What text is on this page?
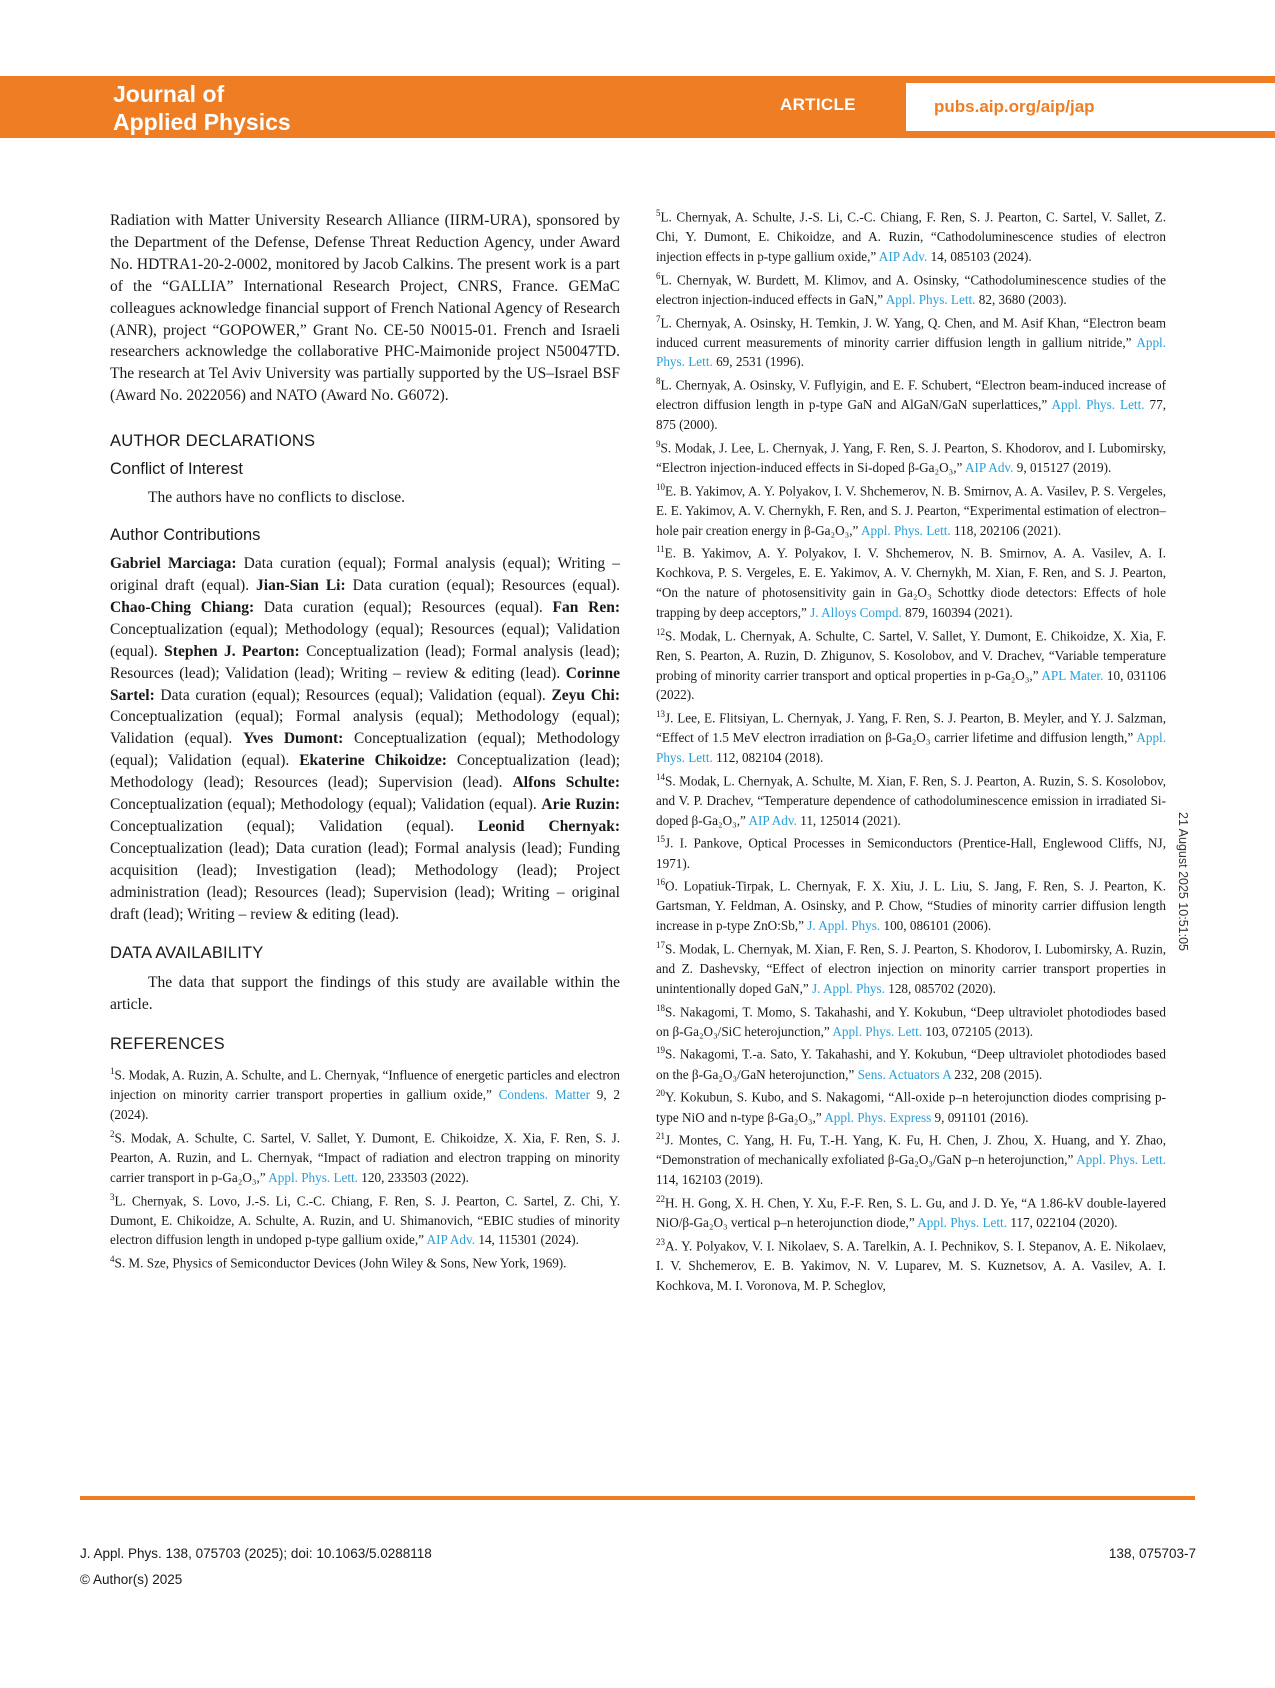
Journal of
Applied Physics
ARTICLE	pubs.aip.org/aip/jap

Radiation with Matter University Research Alliance (IIRM-URA), sponsored by the Department of the Defense, Defense Threat Reduction Agency, under Award No. HDTRA1-20-2-0002, monitored by Jacob Calkins. The present work is a part of the “GALLIA” International Research Project, CNRS, France. GEMaC colleagues acknowledge financial support of French National Agency of Research (ANR), project “GOPOWER,” Grant No. CE-50 N0015-01. French and Israeli researchers acknowledge the collaborative PHC-Maimonide project N50047TD. The research at Tel Aviv University was partially supported by the US–Israel BSF (Award No. 2022056) and NATO (Award No. G6072).

AUTHOR DECLARATIONS
Conflict of Interest

The authors have no conflicts to disclose.

Author Contributions

Gabriel Marciaga: Data curation (equal); Formal analysis (equal); Writing – original draft (equal). Jian-Sian Li: Data curation (equal); Resources (equal). Chao-Ching Chiang: Data curation (equal); Resources (equal). Fan Ren: Conceptualization (equal); Methodology (equal); Resources (equal); Validation (equal). Stephen J. Pearton: Conceptualization (lead); Formal analysis (lead); Resources (lead); Validation (lead); Writing – review & editing (lead). Corinne Sartel: Data curation (equal); Resources (equal); Validation (equal). Zeyu Chi: Conceptualization (equal); Formal analysis (equal); Methodology (equal); Validation (equal). Yves Dumont: Conceptualization (equal); Methodology (equal); Validation (equal). Ekaterine Chikoidze: Conceptualization (lead); Methodology (lead); Resources (lead); Supervision (lead). Alfons Schulte: Conceptualization (equal); Methodology (equal); Validation (equal). Arie Ruzin: Conceptualization (equal); Validation (equal). Leonid Chernyak: Conceptualization (lead); Data curation (lead); Formal analysis (lead); Funding acquisition (lead); Investigation (lead); Methodology (lead); Project administration (lead); Resources (lead); Supervision (lead); Writing – original draft (lead); Writing – review & editing (lead).

DATA AVAILABILITY

The data that support the findings of this study are available within the article.

REFERENCES

$^1$S. Modak, A. Ruzin, A. Schulte, and L. Chernyak, “Influence of energetic particles and electron injection on minority carrier transport properties in gallium oxide,” Condens. Matter 9, 2 (2024).

$^2$S. Modak, A. Schulte, C. Sartel, V. Sallet, Y. Dumont, E. Chikoidze, X. Xia, F. Ren, S. J. Pearton, A. Ruzin, and L. Chernyak, “Impact of radiation and electron trapping on minority carrier transport in p-Ga₂O₃,” Appl. Phys. Lett. 120, 233503 (2022).

$^3$L. Chernyak, S. Lovo, J.-S. Li, C.-C. Chiang, F. Ren, S. J. Pearton, C. Sartel, Z. Chi, Y. Dumont, E. Chikoidze, A. Schulte, A. Ruzin, and U. Shimanovich, “EBIC studies of minority electron diffusion length in undoped p-type gallium oxide,” AIP Adv. 14, 115301 (2024).

$^4$S. M. Sze, Physics of Semiconductor Devices (John Wiley & Sons, New York, 1969).

$^5$L. Chernyak, A. Schulte, J.-S. Li, C.-C. Chiang, F. Ren, S. J. Pearton, C. Sartel, V. Sallet, Z. Chi, Y. Dumont, E. Chikoidze, and A. Ruzin, “Cathodoluminescence studies of electron injection effects in p-type gallium oxide,” AIP Adv. 14, 085103 (2024).

$^6$L. Chernyak, W. Burdett, M. Klimov, and A. Osinsky, “Cathodoluminescence studies of the electron injection-induced effects in GaN,” Appl. Phys. Lett. 82, 3680 (2003).

$^7$L. Chernyak, A. Osinsky, H. Temkin, J. W. Yang, Q. Chen, and M. Asif Khan, “Electron beam induced current measurements of minority carrier diffusion length in gallium nitride,” Appl. Phys. Lett. 69, 2531 (1996).

$^8$L. Chernyak, A. Osinsky, V. Fuflyigin, and E. F. Schubert, “Electron beam-induced increase of electron diffusion length in p-type GaN and AlGaN/GaN superlattices,” Appl. Phys. Lett. 77, 875 (2000).

$^9$S. Modak, J. Lee, L. Chernyak, J. Yang, F. Ren, S. J. Pearton, S. Khodorov, and I. Lubomirsky, “Electron injection-induced effects in Si-doped β-Ga₂O₃,” AIP Adv. 9, 015127 (2019).

$^{10}$E. B. Yakimov, A. Y. Polyakov, I. V. Shchemerov, N. B. Smirnov, A. A. Vasilev, P. S. Vergeles, E. E. Yakimov, A. V. Chernykh, F. Ren, and S. J. Pearton, “Experimental estimation of electron–hole pair creation energy in β-Ga₂O₃,” Appl. Phys. Lett. 118, 202106 (2021).

$^{11}$E. B. Yakimov, A. Y. Polyakov, I. V. Shchemerov, N. B. Smirnov, A. A. Vasilev, A. I. Kochkova, P. S. Vergeles, E. E. Yakimov, A. V. Chernykh, M. Xian, F. Ren, and S. J. Pearton, “On the nature of photosensitivity gain in Ga₂O₃ Schottky diode detectors: Effects of hole trapping by deep acceptors,” J. Alloys Compd. 879, 160394 (2021).

$^{12}$S. Modak, L. Chernyak, A. Schulte, C. Sartel, V. Sallet, Y. Dumont, E. Chikoidze, X. Xia, F. Ren, S. Pearton, A. Ruzin, D. Zhigunov, S. Kosolobov, and V. Drachev, “Variable temperature probing of minority carrier transport and optical properties in p-Ga₂O₃,” APL Mater. 10, 031106 (2022).

$^{13}$J. Lee, E. Flitsiyan, L. Chernyak, J. Yang, F. Ren, S. J. Pearton, B. Meyler, and Y. J. Salzman, “Effect of 1.5 MeV electron irradiation on β-Ga₂O₃ carrier lifetime and diffusion length,” Appl. Phys. Lett. 112, 082104 (2018).

$^{14}$S. Modak, L. Chernyak, A. Schulte, M. Xian, F. Ren, S. J. Pearton, A. Ruzin, S. S. Kosolobov, and V. P. Drachev, “Temperature dependence of cathodoluminescence emission in irradiated Si-doped β-Ga₂O₃,” AIP Adv. 11, 125014 (2021).

$^{15}$J. I. Pankove, Optical Processes in Semiconductors (Prentice-Hall, Englewood Cliffs, NJ, 1971).

$^{16}$O. Lopatiuk-Tirpak, L. Chernyak, F. X. Xiu, J. L. Liu, S. Jang, F. Ren, S. J. Pearton, K. Gartsman, Y. Feldman, A. Osinsky, and P. Chow, “Studies of minority carrier diffusion length increase in p-type ZnO:Sb,” J. Appl. Phys. 100, 086101 (2006).

$^{17}$S. Modak, L. Chernyak, M. Xian, F. Ren, S. J. Pearton, S. Khodorov, I. Lubomirsky, A. Ruzin, and Z. Dashevsky, “Effect of electron injection on minority carrier transport properties in unintentionally doped GaN,” J. Appl. Phys. 128, 085702 (2020).

$^{18}$S. Nakagomi, T. Momo, S. Takahashi, and Y. Kokubun, “Deep ultraviolet photodiodes based on β-Ga₂O₃/SiC heterojunction,” Appl. Phys. Lett. 103, 072105 (2013).

$^{19}$S. Nakagomi, T.-a. Sato, Y. Takahashi, and Y. Kokubun, “Deep ultraviolet photodiodes based on the β-Ga₂O₃/GaN heterojunction,” Sens. Actuators A 232, 208 (2015).

$^{20}$Y. Kokubun, S. Kubo, and S. Nakagomi, “All-oxide p–n heterojunction diodes comprising p-type NiO and n-type β-Ga₂O₃,” Appl. Phys. Express 9, 091101 (2016).

$^{21}$J. Montes, C. Yang, H. Fu, T.-H. Yang, K. Fu, H. Chen, J. Zhou, X. Huang, and Y. Zhao, “Demonstration of mechanically exfoliated β-Ga₂O₃/GaN p–n heterojunction,” Appl. Phys. Lett. 114, 162103 (2019).

$^{22}$H. H. Gong, X. H. Chen, Y. Xu, F.-F. Ren, S. L. Gu, and J. D. Ye, “A 1.86-kV double-layered NiO/β-Ga₂O₃ vertical p–n heterojunction diode,” Appl. Phys. Lett. 117, 022104 (2020).

$^{23}$A. Y. Polyakov, V. I. Nikolaev, S. A. Tarelkin, A. I. Pechnikov, S. I. Stepanov, A. E. Nikolaev, I. V. Shchemerov, E. B. Yakimov, N. V. Luparev, M. S. Kuznetsov, A. A. Vasilev, A. I. Kochkova, M. I. Voronova, M. P. Scheglov,

21 August 2025 10:51:05
J. Appl. Phys. 138, 075703 (2025); doi: 10.1063/5.0288118
© Author(s) 2025
138, 075703-7
